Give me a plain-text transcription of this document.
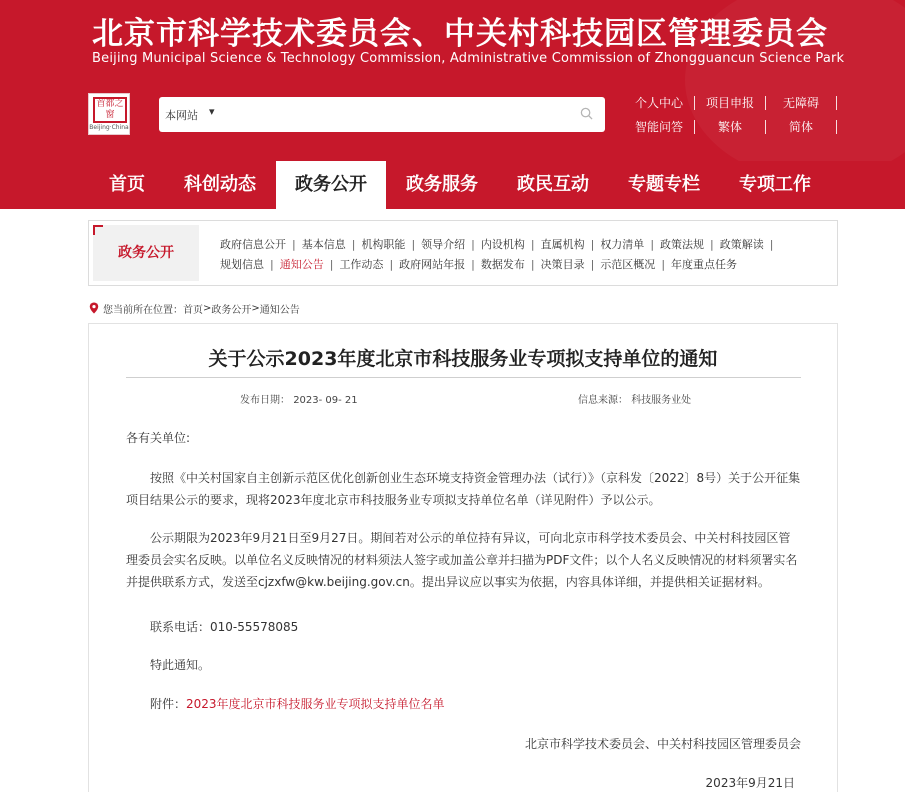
北京市科学技术委员会、中关村科技园区管理委员会
Beijing Municipal Science & Technology Commission, Administrative Commission of Zhongguancun Science Park
首都之窗
Beijing·China
本网站 ▾
个人中心	项目申报	无障碍
智能问答	繁体	简体
首页	科创动态	政务公开	政务服务	政民互动	专题专栏	专项工作
政务公开
政府信息公开 | 基本信息 | 机构职能 | 领导介绍 | 内设机构 | 直属机构 | 权力清单 | 政策法规 | 政策解读 |
规划信息 | 通知公告 | 工作动态 | 政府网站年报 | 数据发布 | 决策目录 | 示范区概况 | 年度重点任务
您当前所在位置： 首页 > 政务公开 > 通知公告
关于公示2023年度北京市科技服务业专项拟支持单位的通知
发布日期： 2023- 09- 21	信息来源： 科技服务业处
各有关单位:
按照《中关村国家自主创新示范区优化创新创业生态环境支持资金管理办法（试行）》（京科发〔2022〕8号）关于公开征集项目结果公示的要求，现将2023年度北京市科技服务业专项拟支持单位名单（详见附件）予以公示。
公示期限为2023年9月21日至9月27日。期间若对公示的单位持有异议，可向北京市科学技术委员会、中关村科技园区管理委员会实名反映。以单位名义反映情况的材料须法人签字或加盖公章并扫描为PDF文件；以个人名义反映情况的材料须署实名并提供联系方式，发送至cjzxfw@kw.beijing.gov.cn。提出异议应以事实为依据，内容具体详细，并提供相关证据材料。
联系电话：010-55578085
特此通知。
附件：2023年度北京市科技服务业专项拟支持单位名单
北京市科学技术委员会、中关村科技园区管理委员会
2023年9月21日
